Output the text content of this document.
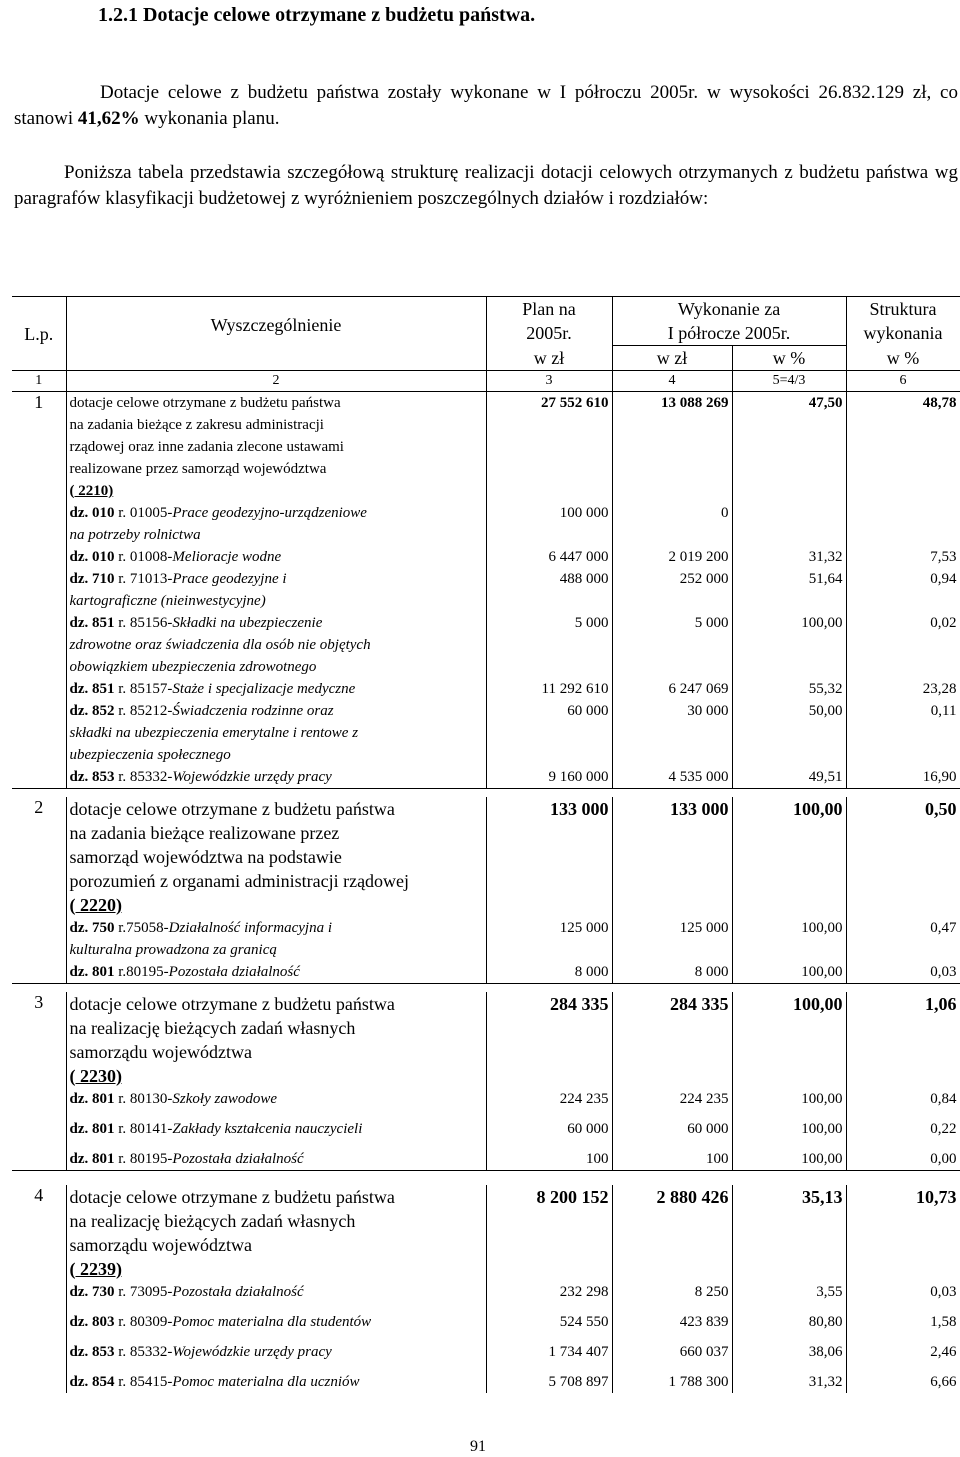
1.2.1 Dotacje celowe otrzymane z budżetu państwa.
Dotacje celowe z budżetu państwa zostały wykonane w I półroczu 2005r. w wysokości 26.832.129 zł, co stanowi 41,62% wykonania planu.
Poniższa tabela przedstawia szczegółową strukturę realizacji dotacji celowych otrzymanych z budżetu państwa wg paragrafów klasyfikacji budżetowej z wyróżnieniem poszczególnych działów i rozdziałów:
L.p.	Wyszczególnienie	Plan na	Wykonanie za		Struktura
		2005r.	I półrocze 2005r.		wykonania
		w zł	w zł	w %	w %
1	2	3	4	5=4/3	6
1	dotacje celowe otrzymane z budżetu państwa
na zadania bieżące z zakresu administracji
rządowej oraz inne zadania zlecone ustawami
realizowane przez samorząd województwa
( 2210)	27 552 610	13 088 269	47,50	48,78
	dz. 010 r. 01005-Prace geodezyjno-urządzeniowe
na potrzeby rolnictwa	100 000	0		
	dz. 010 r. 01008-Melioracje wodne	6 447 000	2 019 200	31,32	7,53
	dz. 710 r. 71013-Prace geodezyjne i
kartograficzne (nieinwestycyjne)	488 000	252 000	51,64	0,94
	dz. 851 r. 85156-Składki na ubezpieczenie
zdrowotne oraz świadczenia dla osób nie objętych
obowiązkiem ubezpieczenia zdrowotnego	5 000	5 000	100,00	0,02
	dz. 851 r. 85157-Staże i specjalizacje medyczne	11 292 610	6 247 069	55,32	23,28
	dz. 852 r. 85212-Świadczenia rodzinne oraz
składki na ubezpieczenia emerytalne i rentowe z
ubezpieczenia społecznego	60 000	30 000	50,00	0,11
	dz. 853 r. 85332-Wojewódzkie urzędy pracy	9 160 000	4 535 000	49,51	16,90

2	dotacje celowe otrzymane z budżetu państwa
na zadania bieżące realizowane przez
samorząd województwa na podstawie
porozumień z organami administracji rządowej
( 2220)	133 000	133 000	100,00	0,50
	dz. 750 r.75058-Działalność informacyjna i
kulturalna prowadzona za granicą	125 000	125 000	100,00	0,47
	dz. 801 r.80195-Pozostała działalność	8 000	8 000	100,00	0,03

3	dotacje celowe otrzymane z budżetu państwa
na realizację bieżących zadań własnych
samorządu województwa
( 2230)	284 335	284 335	100,00	1,06
	dz. 801 r. 80130-Szkoły zawodowe	224 235	224 235	100,00	0,84
	dz. 801 r. 80141-Zakłady kształcenia nauczycieli	60 000	60 000	100,00	0,22
	dz. 801 r. 80195-Pozostała działalność	100	100	100,00	0,00

4	dotacje celowe otrzymane z budżetu państwa
na realizację bieżących zadań własnych
samorządu województwa
( 2239)	8 200 152	2 880 426	35,13	10,73
	dz. 730 r. 73095-Pozostała działalność	232 298	8 250	3,55	0,03
	dz. 803 r. 80309-Pomoc materialna dla studentów	524 550	423 839	80,80	1,58
	dz. 853 r. 85332-Wojewódzkie urzędy pracy	1 734 407	660 037	38,06	2,46
	dz. 854 r. 85415-Pomoc materialna dla uczniów	5 708 897	1 788 300	31,32	6,66
91
